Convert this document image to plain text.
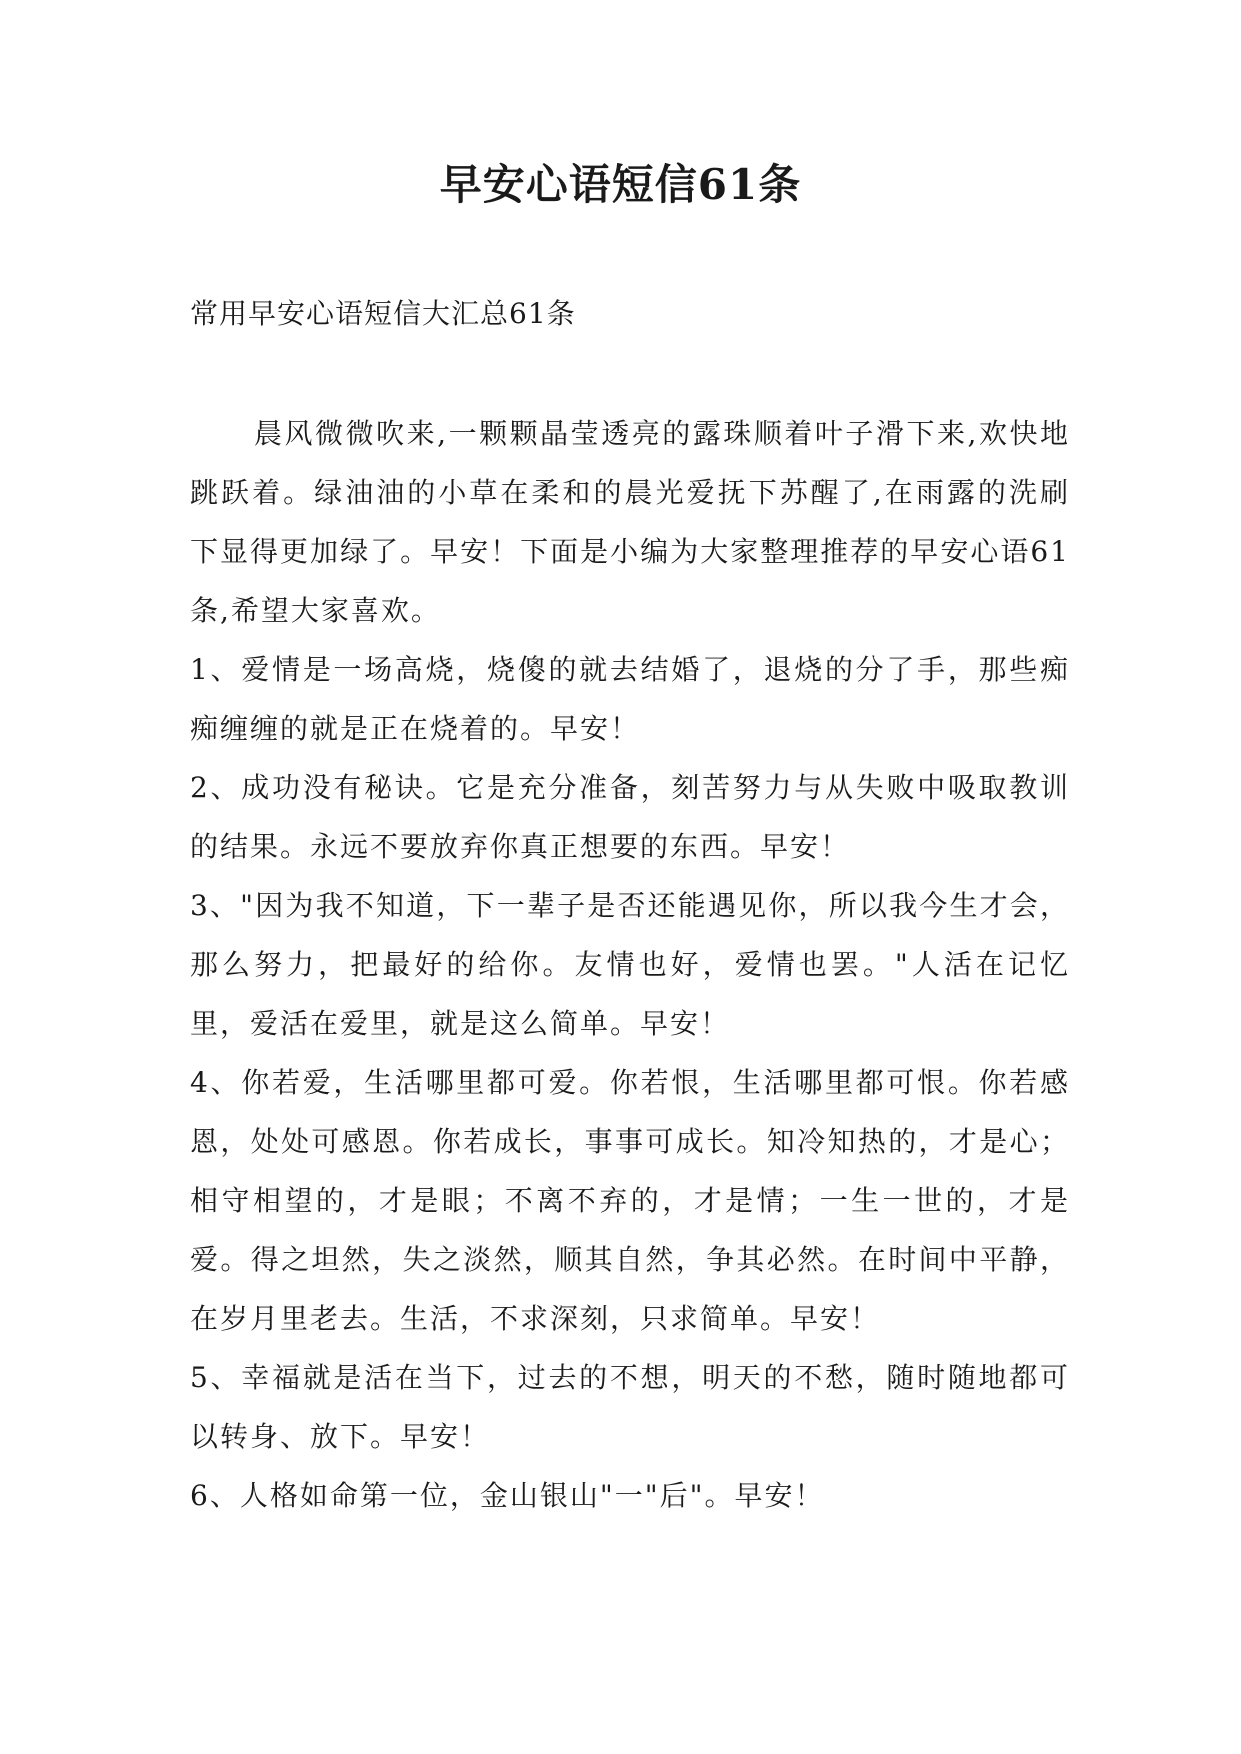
早安心语短信61条
常用早安心语短信大汇总61条

晨风微微吹来,一颗颗晶莹透亮的露珠顺着叶子滑下来,欢快地跳跃着。绿油油的小草在柔和的晨光爱抚下苏醒了,在雨露的洗刷下显得更加绿了。早安！下面是小编为大家整理推荐的早安心语61条,希望大家喜欢。

1、爱情是一场高烧，烧傻的就去结婚了，退烧的分了手，那些痴痴缠缠的就是正在烧着的。早安！

2、成功没有秘诀。它是充分准备，刻苦努力与从失败中吸取教训的结果。永远不要放弃你真正想要的东西。早安！

3、"因为我不知道，下一辈子是否还能遇见你，所以我今生才会，那么努力，把最好的给你。友情也好，爱情也罢。"人活在记忆里，爱活在爱里，就是这么简单。早安！

4、你若爱，生活哪里都可爱。你若恨，生活哪里都可恨。你若感恩，处处可感恩。你若成长，事事可成长。知冷知热的，才是心；相守相望的，才是眼；不离不弃的，才是情；一生一世的，才是爱。得之坦然，失之淡然，顺其自然，争其必然。在时间中平静，在岁月里老去。生活，不求深刻，只求简单。早安！

5、幸福就是活在当下，过去的不想，明天的不愁，随时随地都可以转身、放下。早安！

6、人格如命第一位，金山银山"一"后"。早安！
